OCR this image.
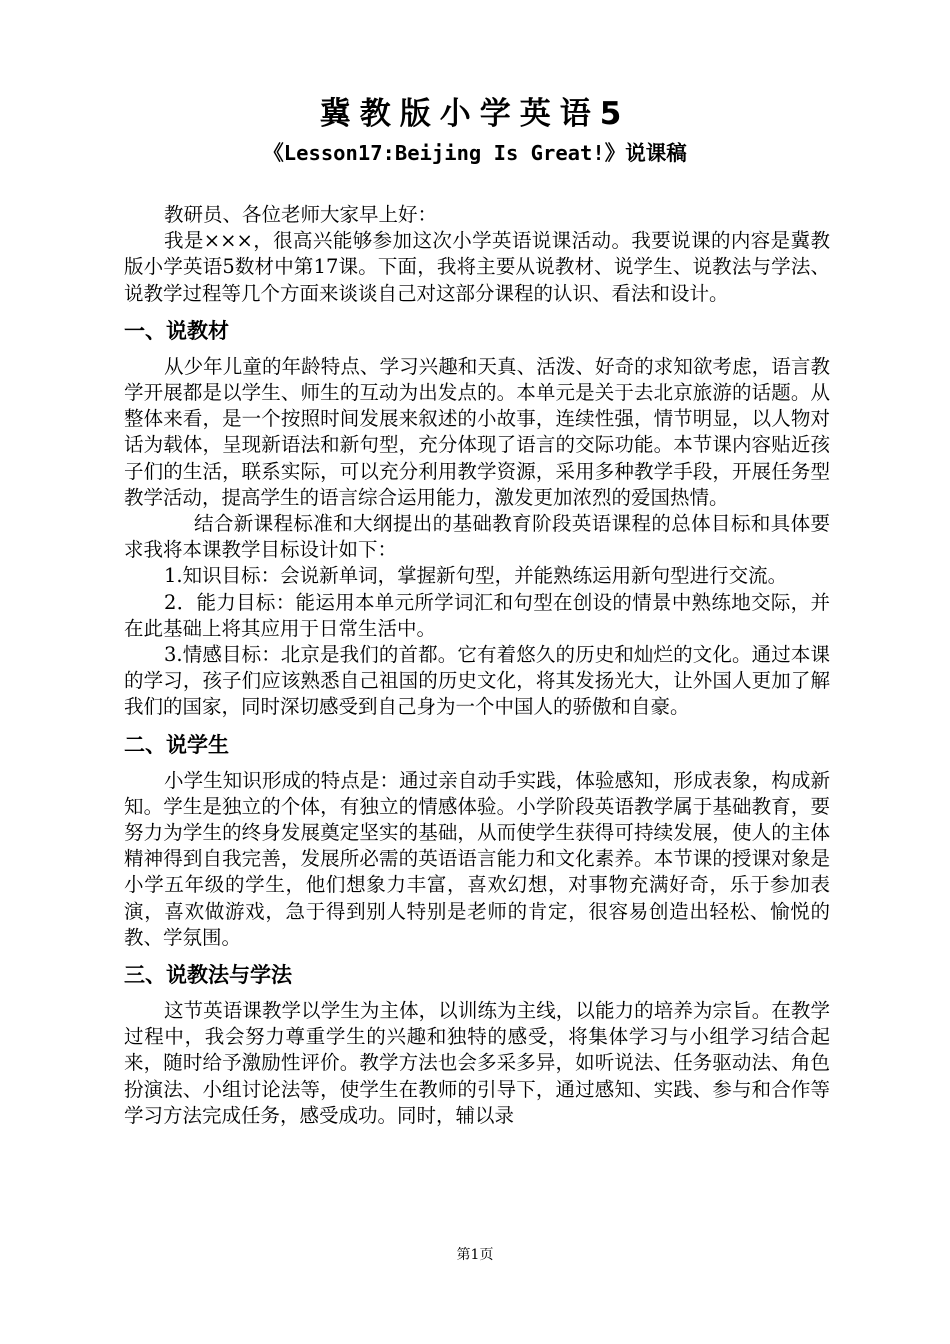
冀教版小学英语5
《Lesson17:Beijing Is Great!》说课稿

教研员、各位老师大家早上好：

我是×××，很高兴能够参加这次小学英语说课活动。我要说课的内容是冀教版小学英语5数材中第17课。下面，我将主要从说教材、说学生、说教法与学法、说教学过程等几个方面来谈谈自己对这部分课程的认识、看法和设计。

一、说教材

从少年儿童的年龄特点、学习兴趣和天真、活泼、好奇的求知欲考虑，语言教学开展都是以学生、师生的互动为出发点的。本单元是关于去北京旅游的话题。从整体来看，是一个按照时间发展来叙述的小故事，连续性强，情节明显，以人物对话为载体，呈现新语法和新句型，充分体现了语言的交际功能。本节课内容贴近孩子们的生活，联系实际，可以充分利用教学资源，采用多种教学手段，开展任务型教学活动，提高学生的语言综合运用能力，激发更加浓烈的爱国热情。

结合新课程标准和大纲提出的基础教育阶段英语课程的总体目标和具体要求我将本课教学目标设计如下：

1.知识目标：会说新单词，掌握新句型，并能熟练运用新句型进行交流。

2．能力目标：能运用本单元所学词汇和句型在创设的情景中熟练地交际，并在此基础上将其应用于日常生活中。

3.情感目标：北京是我们的首都。它有着悠久的历史和灿烂的文化。通过本课的学习，孩子们应该熟悉自己祖国的历史文化，将其发扬光大，让外国人更加了解我们的国家，同时深切感受到自己身为一个中国人的骄傲和自豪。

二、说学生

小学生知识形成的特点是：通过亲自动手实践，体验感知，形成表象，构成新知。学生是独立的个体，有独立的情感体验。小学阶段英语教学属于基础教育，要努力为学生的终身发展奠定坚实的基础，从而使学生获得可持续发展，使人的主体精神得到自我完善，发展所必需的英语语言能力和文化素养。本节课的授课对象是小学五年级的学生，他们想象力丰富，喜欢幻想，对事物充满好奇，乐于参加表演，喜欢做游戏，急于得到别人特别是老师的肯定，很容易创造出轻松、愉悦的教、学氛围。

三、说教法与学法

这节英语课教学以学生为主体，以训练为主线，以能力的培养为宗旨。在教学过程中，我会努力尊重学生的兴趣和独特的感受，将集体学习与小组学习结合起来，随时给予激励性评价。教学方法也会多采多异，如听说法、任务驱动法、角色扮演法、小组讨论法等，使学生在教师的引导下，通过感知、实践、参与和合作等学习方法完成任务，感受成功。同时，辅以录

第1页
